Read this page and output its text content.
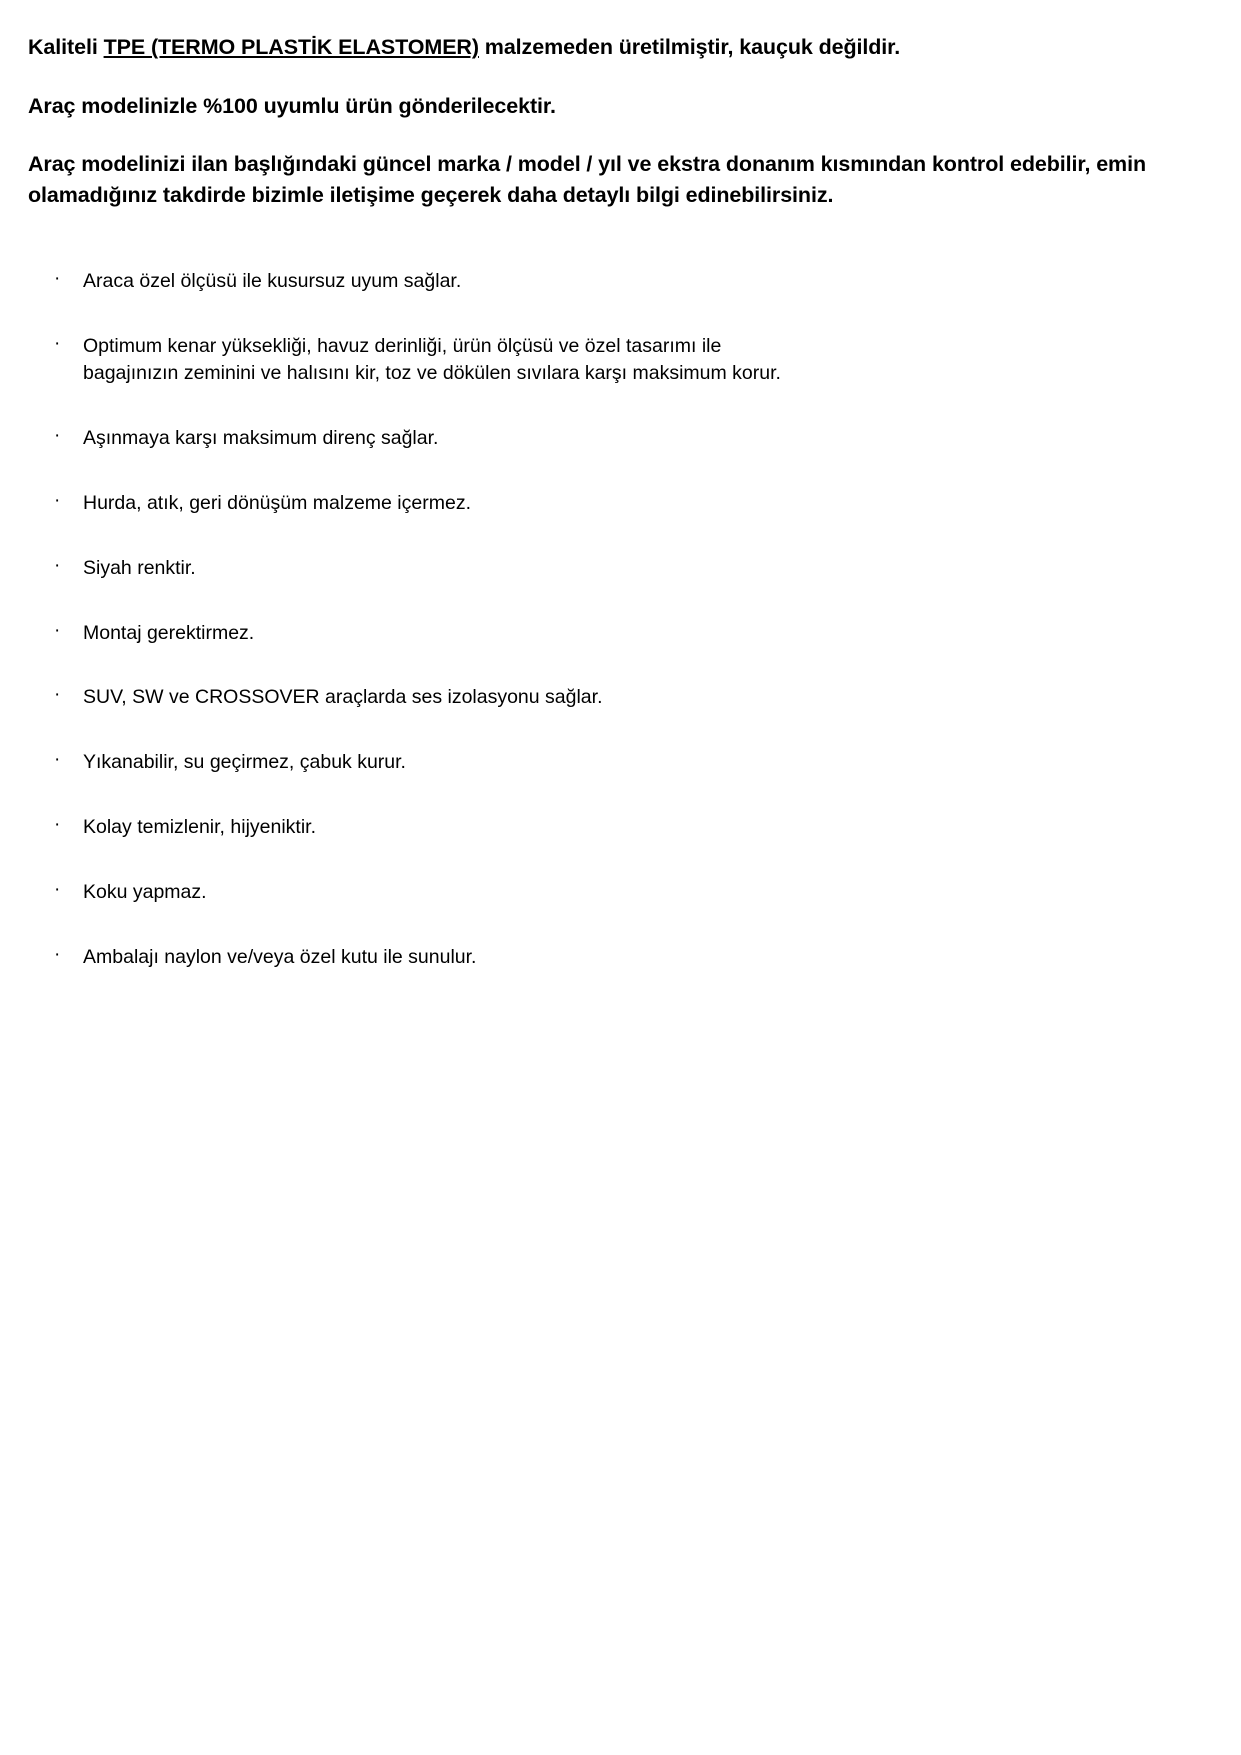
Kaliteli TPE (TERMO PLASTİK ELASTOMER) malzemeden üretilmiştir, kauçuk değildir.

Araç modelinizle %100 uyumlu ürün gönderilecektir.

Araç modelinizi ilan başlığındaki güncel marka / model / yıl ve ekstra donanım kısmından kontrol edebilir, emin olamadığınız takdirde bizimle iletişime geçerek daha detaylı bilgi edinebilirsiniz.

· Araca özel ölçüsü ile kusursuz uyum sağlar.
· Optimum kenar yüksekliği, havuz derinliği, ürün ölçüsü ve özel tasarımı ile
bagajınızın zeminini ve halısını kir, toz ve dökülen sıvılara karşı maksimum korur.
· Aşınmaya karşı maksimum direnç sağlar.
· Hurda, atık, geri dönüşüm malzeme içermez.
· Siyah renktir.
· Montaj gerektirmez.
· SUV, SW ve CROSSOVER araçlarda ses izolasyonu sağlar.
· Yıkanabilir, su geçirmez, çabuk kurur.
· Kolay temizlenir, hijyeniktir.
· Koku yapmaz.
· Ambalajı naylon ve/veya özel kutu ile sunulur.
